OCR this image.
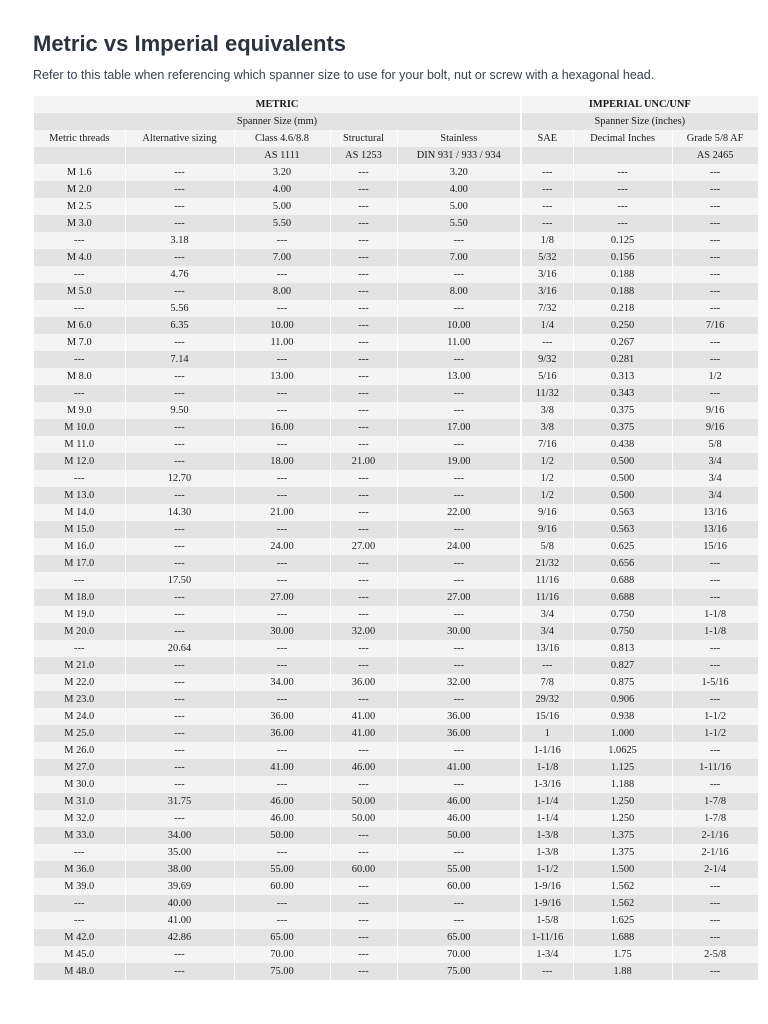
Metric vs Imperial equivalents

Refer to this table when referencing which spanner size to use for your bolt, nut or screw with a hexagonal head.

METRIC					IMPERIAL UNC/UNF		
Spanner Size (mm)					Spanner Size (inches)		
Metric threads	Alternative sizing	Class 4.6/8.8	Structural	Stainless	SAE	Decimal Inches	Grade 5/8 AF
		AS 1111	AS 1253	DIN 931 / 933 / 934			AS 2465
M 1.6	---	3.20	---	3.20	---	---	---
M 2.0	---	4.00	---	4.00	---	---	---
M 2.5	---	5.00	---	5.00	---	---	---
M 3.0	---	5.50	---	5.50	---	---	---
---	3.18	---	---	---	1/8	0.125	---
M 4.0	---	7.00	---	7.00	5/32	0.156	---
---	4.76	---	---	---	3/16	0.188	---
M 5.0	---	8.00	---	8.00	3/16	0.188	---
---	5.56	---	---	---	7/32	0.218	---
M 6.0	6.35	10.00	---	10.00	1/4	0.250	7/16
M 7.0	---	11.00	---	11.00	---	0.267	---
---	7.14	---	---	---	9/32	0.281	---
M 8.0	---	13.00	---	13.00	5/16	0.313	1/2
---	---	---	---	---	11/32	0.343	---
M 9.0	9.50	---	---	---	3/8	0.375	9/16
M 10.0	---	16.00	---	17.00	3/8	0.375	9/16
M 11.0	---	---	---	---	7/16	0.438	5/8
M 12.0	---	18.00	21.00	19.00	1/2	0.500	3/4
---	12.70	---	---	---	1/2	0.500	3/4
M 13.0	---	---	---	---	1/2	0.500	3/4
M 14.0	14.30	21.00	---	22.00	9/16	0.563	13/16
M 15.0	---	---	---	---	9/16	0.563	13/16
M 16.0	---	24.00	27.00	24.00	5/8	0.625	15/16
M 17.0	---	---	---	---	21/32	0.656	---
---	17.50	---	---	---	11/16	0.688	---
M 18.0	---	27.00	---	27.00	11/16	0.688	---
M 19.0	---	---	---	---	3/4	0.750	1-1/8
M 20.0	---	30.00	32.00	30.00	3/4	0.750	1-1/8
---	20.64	---	---	---	13/16	0.813	---
M 21.0	---	---	---	---	---	0.827	---
M 22.0	---	34.00	36.00	32.00	7/8	0.875	1-5/16
M 23.0	---	---	---	---	29/32	0.906	---
M 24.0	---	36.00	41.00	36.00	15/16	0.938	1-1/2
M 25.0	---	36.00	41.00	36.00	1	1.000	1-1/2
M 26.0	---	---	---	---	1-1/16	1.0625	---
M 27.0	---	41.00	46.00	41.00	1-1/8	1.125	1-11/16
M 30.0	---	---	---	---	1-3/16	1.188	---
M 31.0	31.75	46.00	50.00	46.00	1-1/4	1.250	1-7/8
M 32.0	---	46.00	50.00	46.00	1-1/4	1.250	1-7/8
M 33.0	34.00	50.00	---	50.00	1-3/8	1.375	2-1/16
---	35.00	---	---	---	1-3/8	1.375	2-1/16
M 36.0	38.00	55.00	60.00	55.00	1-1/2	1.500	2-1/4
M 39.0	39.69	60.00	---	60.00	1-9/16	1.562	---
---	40.00	---	---	---	1-9/16	1.562	---
---	41.00	---	---	---	1-5/8	1.625	---
M 42.0	42.86	65.00	---	65.00	1-11/16	1.688	---
M 45.0	---	70.00	---	70.00	1-3/4	1.75	2-5/8
M 48.0	---	75.00	---	75.00	---	1.88	---
